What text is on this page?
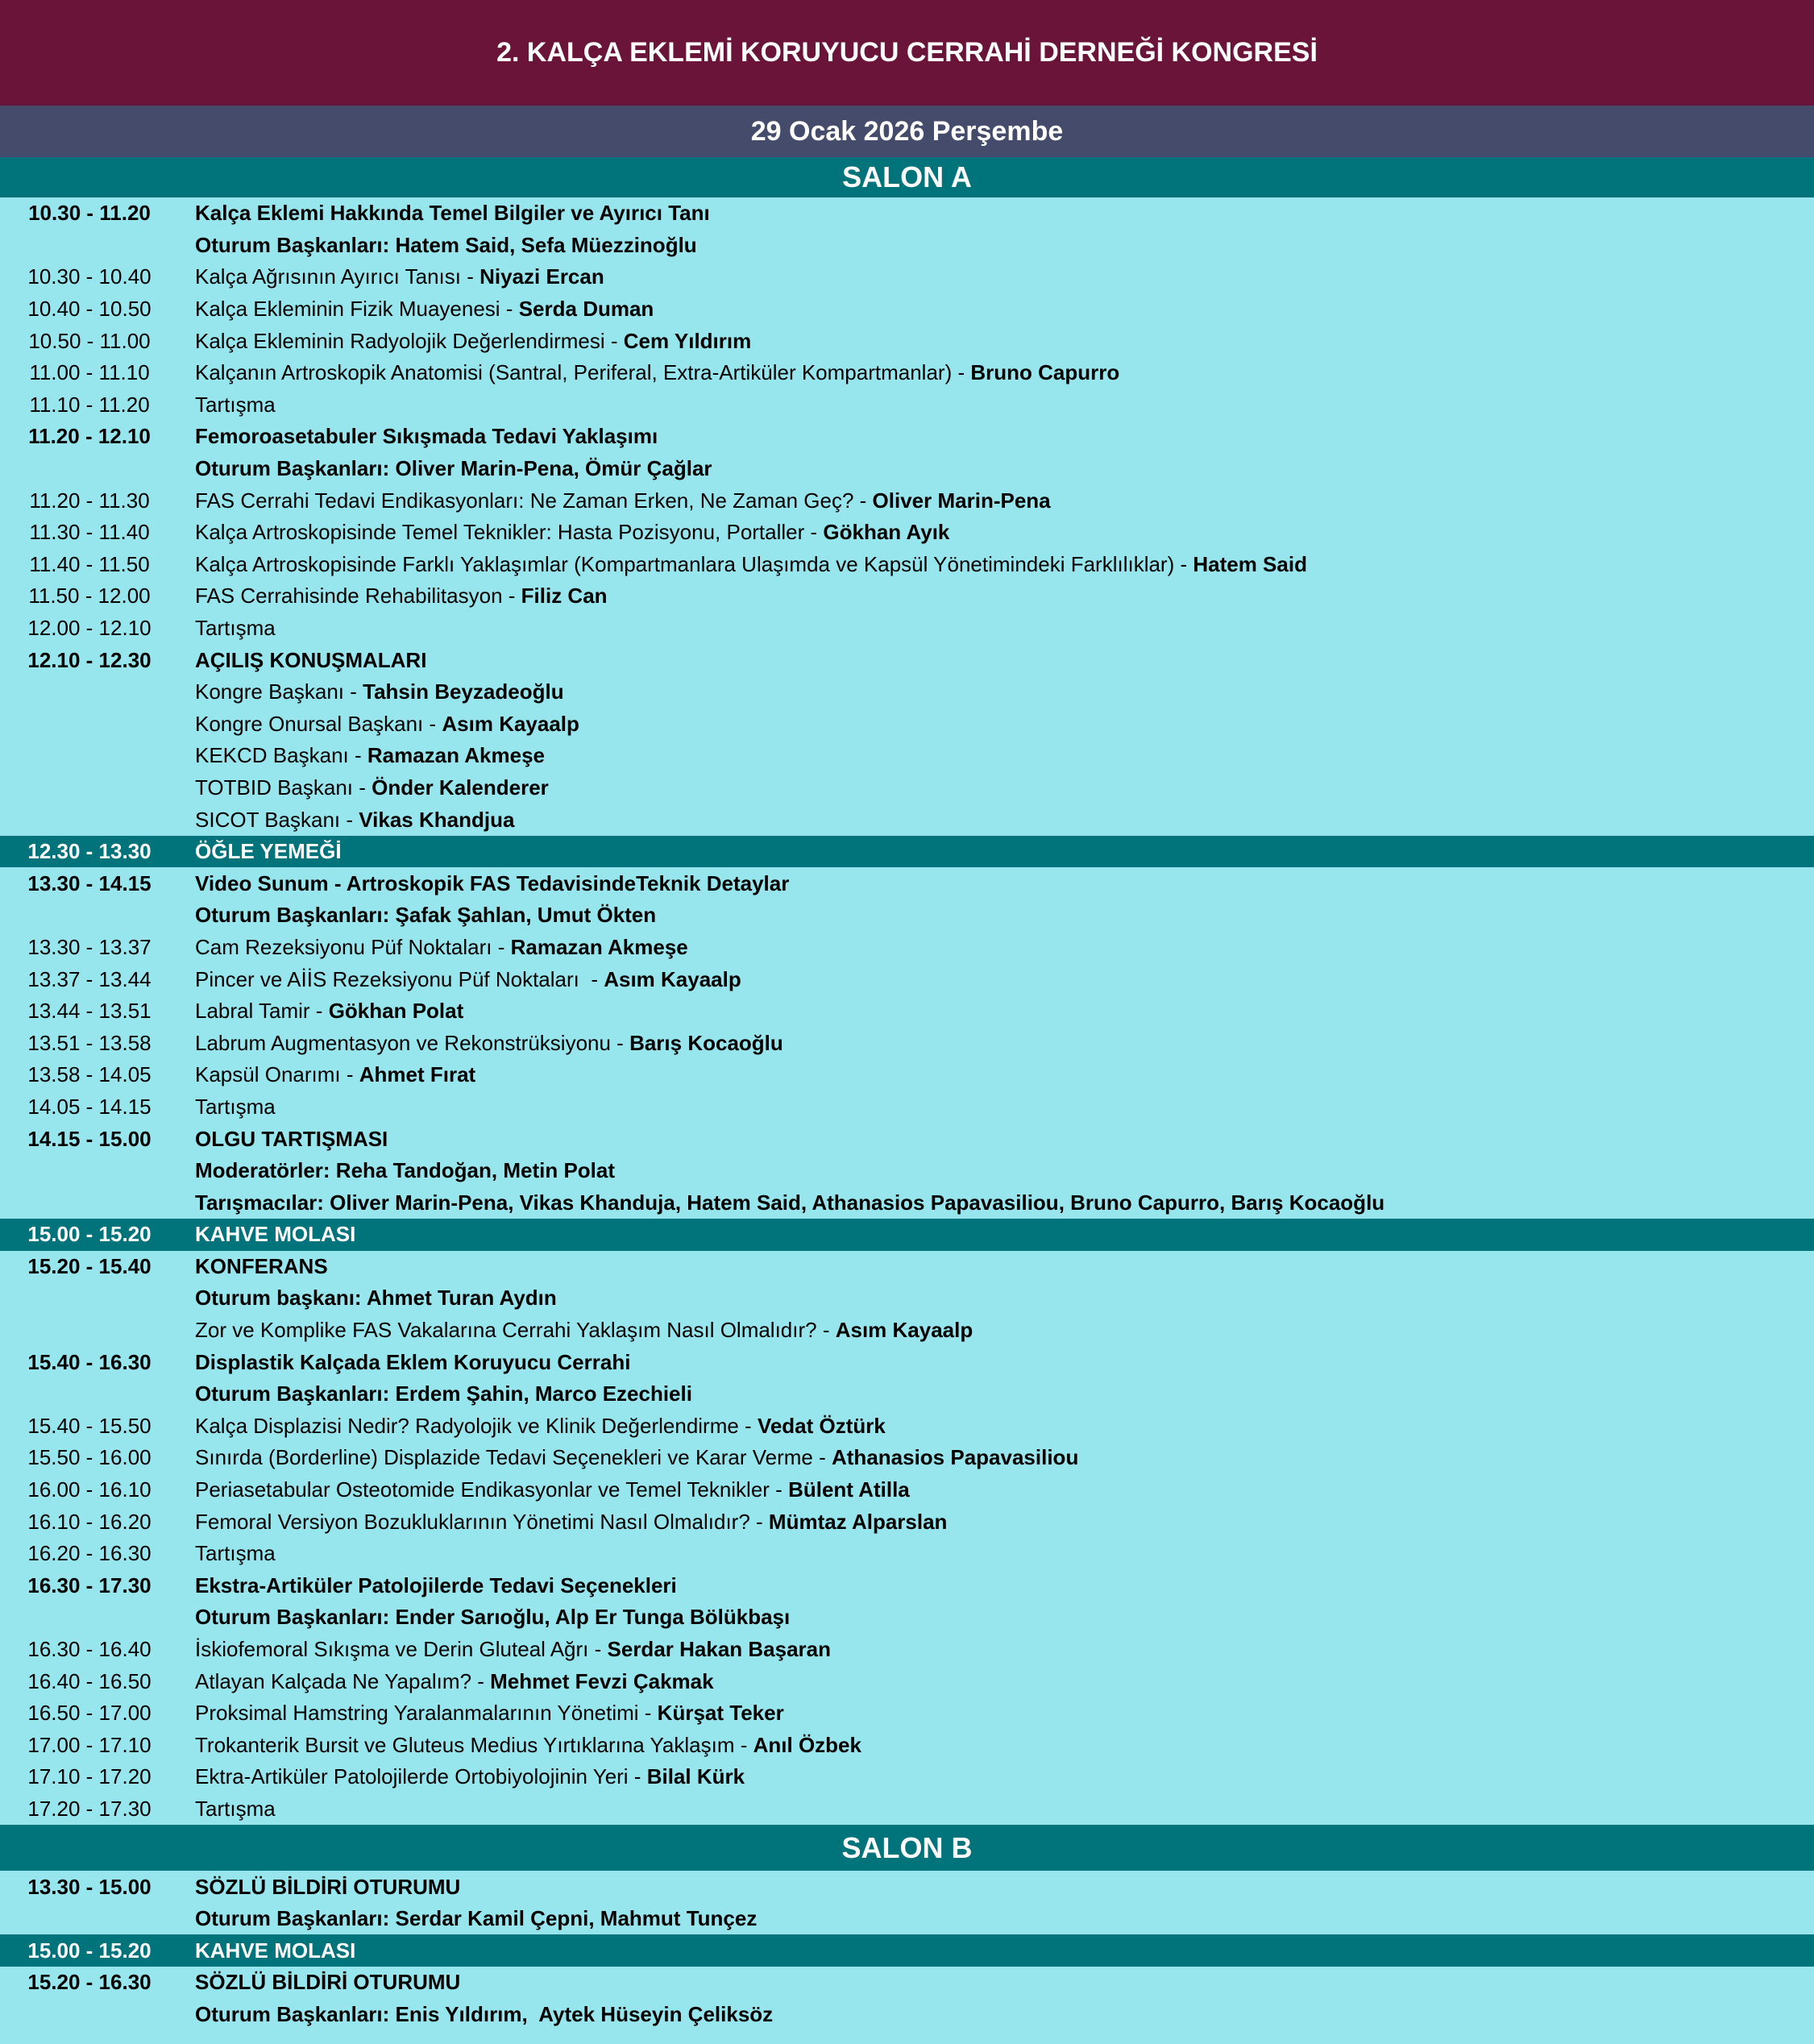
2. KALÇA EKLEMİ KORUYUCU CERRAHİ DERNEĞİ KONGRESİ
29 Ocak 2026 Perşembe
SALON A
10.30 - 11.20	Kalça Eklemi Hakkında Temel Bilgiler ve Ayırıcı Tanı
Oturum Başkanları: Hatem Said, Sefa Müezzinoğlu
10.30 - 10.40	Kalça Ağrısının Ayırıcı Tanısı - Niyazi Ercan
10.40 - 10.50	Kalça Ekleminin Fizik Muayenesi - Serda Duman
10.50 - 11.00	Kalça Ekleminin Radyolojik Değerlendirmesi - Cem Yıldırım
11.00 - 11.10	Kalçanın Artroskopik Anatomisi (Santral, Periferal, Extra-Artiküler Kompartmanlar) - Bruno Capurro
11.10 - 11.20	Tartışma
11.20 - 12.10	Femoroasetabuler Sıkışmada Tedavi Yaklaşımı
Oturum Başkanları: Oliver Marin-Pena, Ömür Çağlar
11.20 - 11.30	FAS Cerrahi Tedavi Endikasyonları: Ne Zaman Erken, Ne Zaman Geç? - Oliver Marin-Pena
11.30 - 11.40	Kalça Artroskopisinde Temel Teknikler: Hasta Pozisyonu, Portaller - Gökhan Ayık
11.40 - 11.50	Kalça Artroskopisinde Farklı Yaklaşımlar (Kompartmanlara Ulaşımda ve Kapsül Yönetimindeki Farklılıklar) - Hatem Said
11.50 - 12.00	FAS Cerrahisinde Rehabilitasyon - Filiz Can
12.00 - 12.10	Tartışma
12.10 - 12.30	AÇILIŞ KONUŞMALARI
Kongre Başkanı - Tahsin Beyzadeoğlu
Kongre Onursal Başkanı - Asım Kayaalp
KEKCD Başkanı - Ramazan Akmeşe
TOTBID Başkanı - Önder Kalenderer
SICOT Başkanı - Vikas Khandjua
12.30 - 13.30	ÖĞLE YEMEĞİ
13.30 - 14.15	Video Sunum - Artroskopik FAS TedavisindeTeknik Detaylar
Oturum Başkanları: Şafak Şahlan, Umut Ökten
13.30 - 13.37	Cam Rezeksiyonu Püf Noktaları - Ramazan Akmeşe
13.37 - 13.44	Pincer ve AİİS Rezeksiyonu Püf Noktaları  - Asım Kayaalp
13.44 - 13.51	Labral Tamir - Gökhan Polat
13.51 - 13.58	Labrum Augmentasyon ve Rekonstrüksiyonu - Barış Kocaoğlu
13.58 - 14.05	Kapsül Onarımı - Ahmet Fırat
14.05 - 14.15	Tartışma
14.15 - 15.00	OLGU TARTIŞMASI
Moderatörler: Reha Tandoğan, Metin Polat
Tarışmacılar: Oliver Marin-Pena, Vikas Khanduja, Hatem Said, Athanasios Papavasiliou, Bruno Capurro, Barış Kocaoğlu
15.00 - 15.20	KAHVE MOLASI
15.20 - 15.40	KONFERANS
Oturum başkanı: Ahmet Turan Aydın
Zor ve Komplike FAS Vakalarına Cerrahi Yaklaşım Nasıl Olmalıdır? - Asım Kayaalp
15.40 - 16.30	Displastik Kalçada Eklem Koruyucu Cerrahi
Oturum Başkanları: Erdem Şahin, Marco Ezechieli
15.40 - 15.50	Kalça Displazisi Nedir? Radyolojik ve Klinik Değerlendirme - Vedat Öztürk
15.50 - 16.00	Sınırda (Borderline) Displazide Tedavi Seçenekleri ve Karar Verme - Athanasios Papavasiliou
16.00 - 16.10	Periasetabular Osteotomide Endikasyonlar ve Temel Teknikler - Bülent Atilla
16.10 - 16.20	Femoral Versiyon Bozukluklarının Yönetimi Nasıl Olmalıdır? - Mümtaz Alparslan
16.20 - 16.30	Tartışma
16.30 - 17.30	Ekstra-Artiküler Patolojilerde Tedavi Seçenekleri
Oturum Başkanları: Ender Sarıoğlu, Alp Er Tunga Bölükbaşı
16.30 - 16.40	İskiofemoral Sıkışma ve Derin Gluteal Ağrı - Serdar Hakan Başaran
16.40 - 16.50	Atlayan Kalçada Ne Yapalım? - Mehmet Fevzi Çakmak
16.50 - 17.00	Proksimal Hamstring Yaralanmalarının Yönetimi - Kürşat Teker
17.00 - 17.10	Trokanterik Bursit ve Gluteus Medius Yırtıklarına Yaklaşım - Anıl Özbek
17.10 - 17.20	Ektra-Artiküler Patolojilerde Ortobiyolojinin Yeri - Bilal Kürk
17.20 - 17.30	Tartışma
SALON B
13.30 - 15.00	SÖZLÜ BİLDİRİ OTURUMU
Oturum Başkanları: Serdar Kamil Çepni, Mahmut Tunçez
15.00 - 15.20	KAHVE MOLASI
15.20 - 16.30	SÖZLÜ BİLDİRİ OTURUMU
Oturum Başkanları: Enis Yıldırım,  Aytek Hüseyin Çeliksöz
